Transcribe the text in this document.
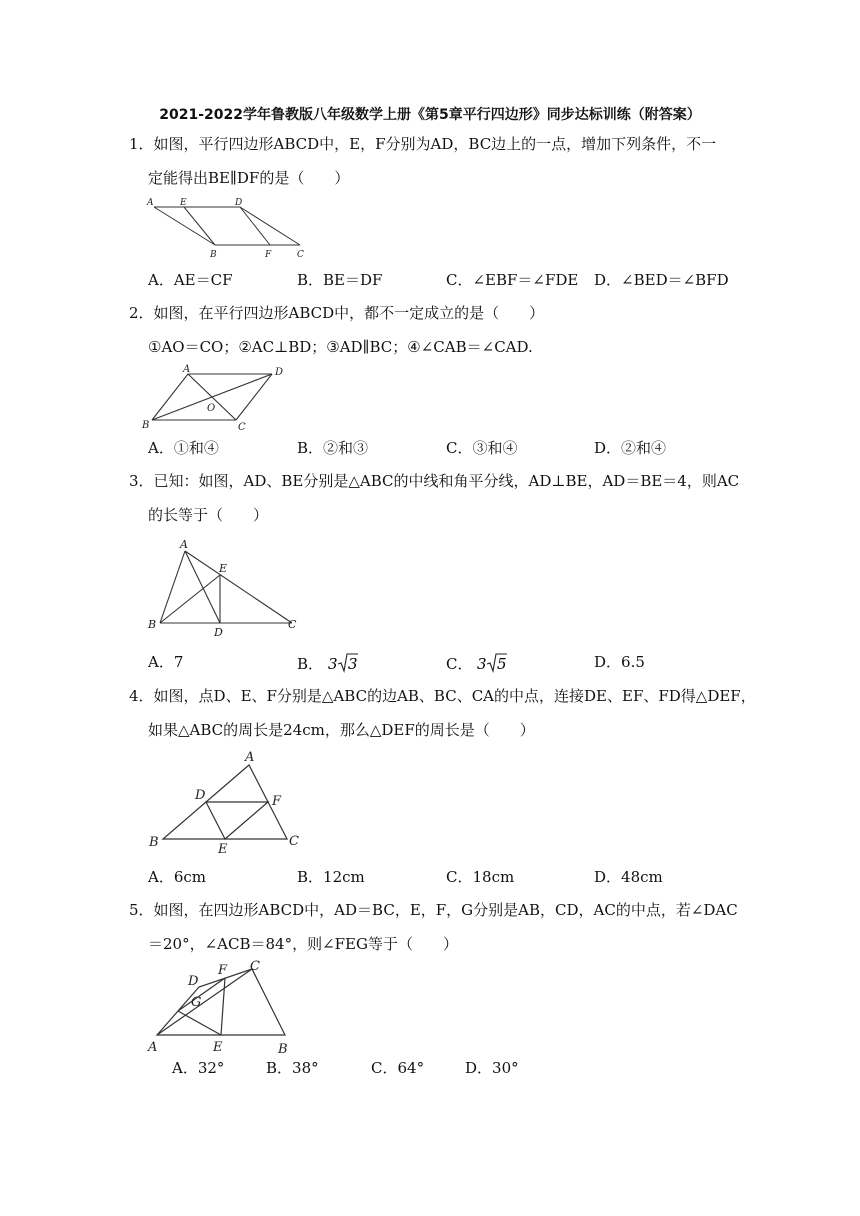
2021-2022学年鲁教版八年级数学上册《第5章平行四边形》同步达标训练（附答案）
1．如图，平行四边形ABCD中，E，F分别为AD，BC边上的一点，增加下列条件，不一
定能得出BE∥DF的是（　　）
A	E	D
B	F	C
A．AE＝CF	B．BE＝DF	C．∠EBF＝∠FDE D．∠BED＝∠BFD
2．如图，在平行四边形ABCD中，都不一定成立的是（　　）
①AO＝CO；②AC⊥BD；③AD∥BC；④∠CAB＝∠CAD.
A	D
O
B	C
A．①和④	B．②和③	C．③和④	D．②和④
3．已知：如图，AD、BE分别是△ABC的中线和角平分线，AD⊥BE，AD＝BE＝4，则AC
的长等于（　　）
A
E
B
D
C
A．7	B． 3 3	C． 3 5	D．6.5
4．如图，点D、E、F分别是△ABC的边AB、BC、CA的中点，连接DE、EF、FD得△DEF，
如果△ABC的周长是24cm，那么△DEF的周长是（　　）
A
D	F
B	E
C
A．6cm	B．12cm	C．18cm	D．48cm
5．如图，在四边形ABCD中，AD＝BC，E，F，G分别是AB，CD，AC的中点，若∠DAC
＝20°，∠ACB＝84°，则∠FEG等于（　　）
D
F C
G
A	E	B
A．32°	B．38°	C．64°	D．30°
